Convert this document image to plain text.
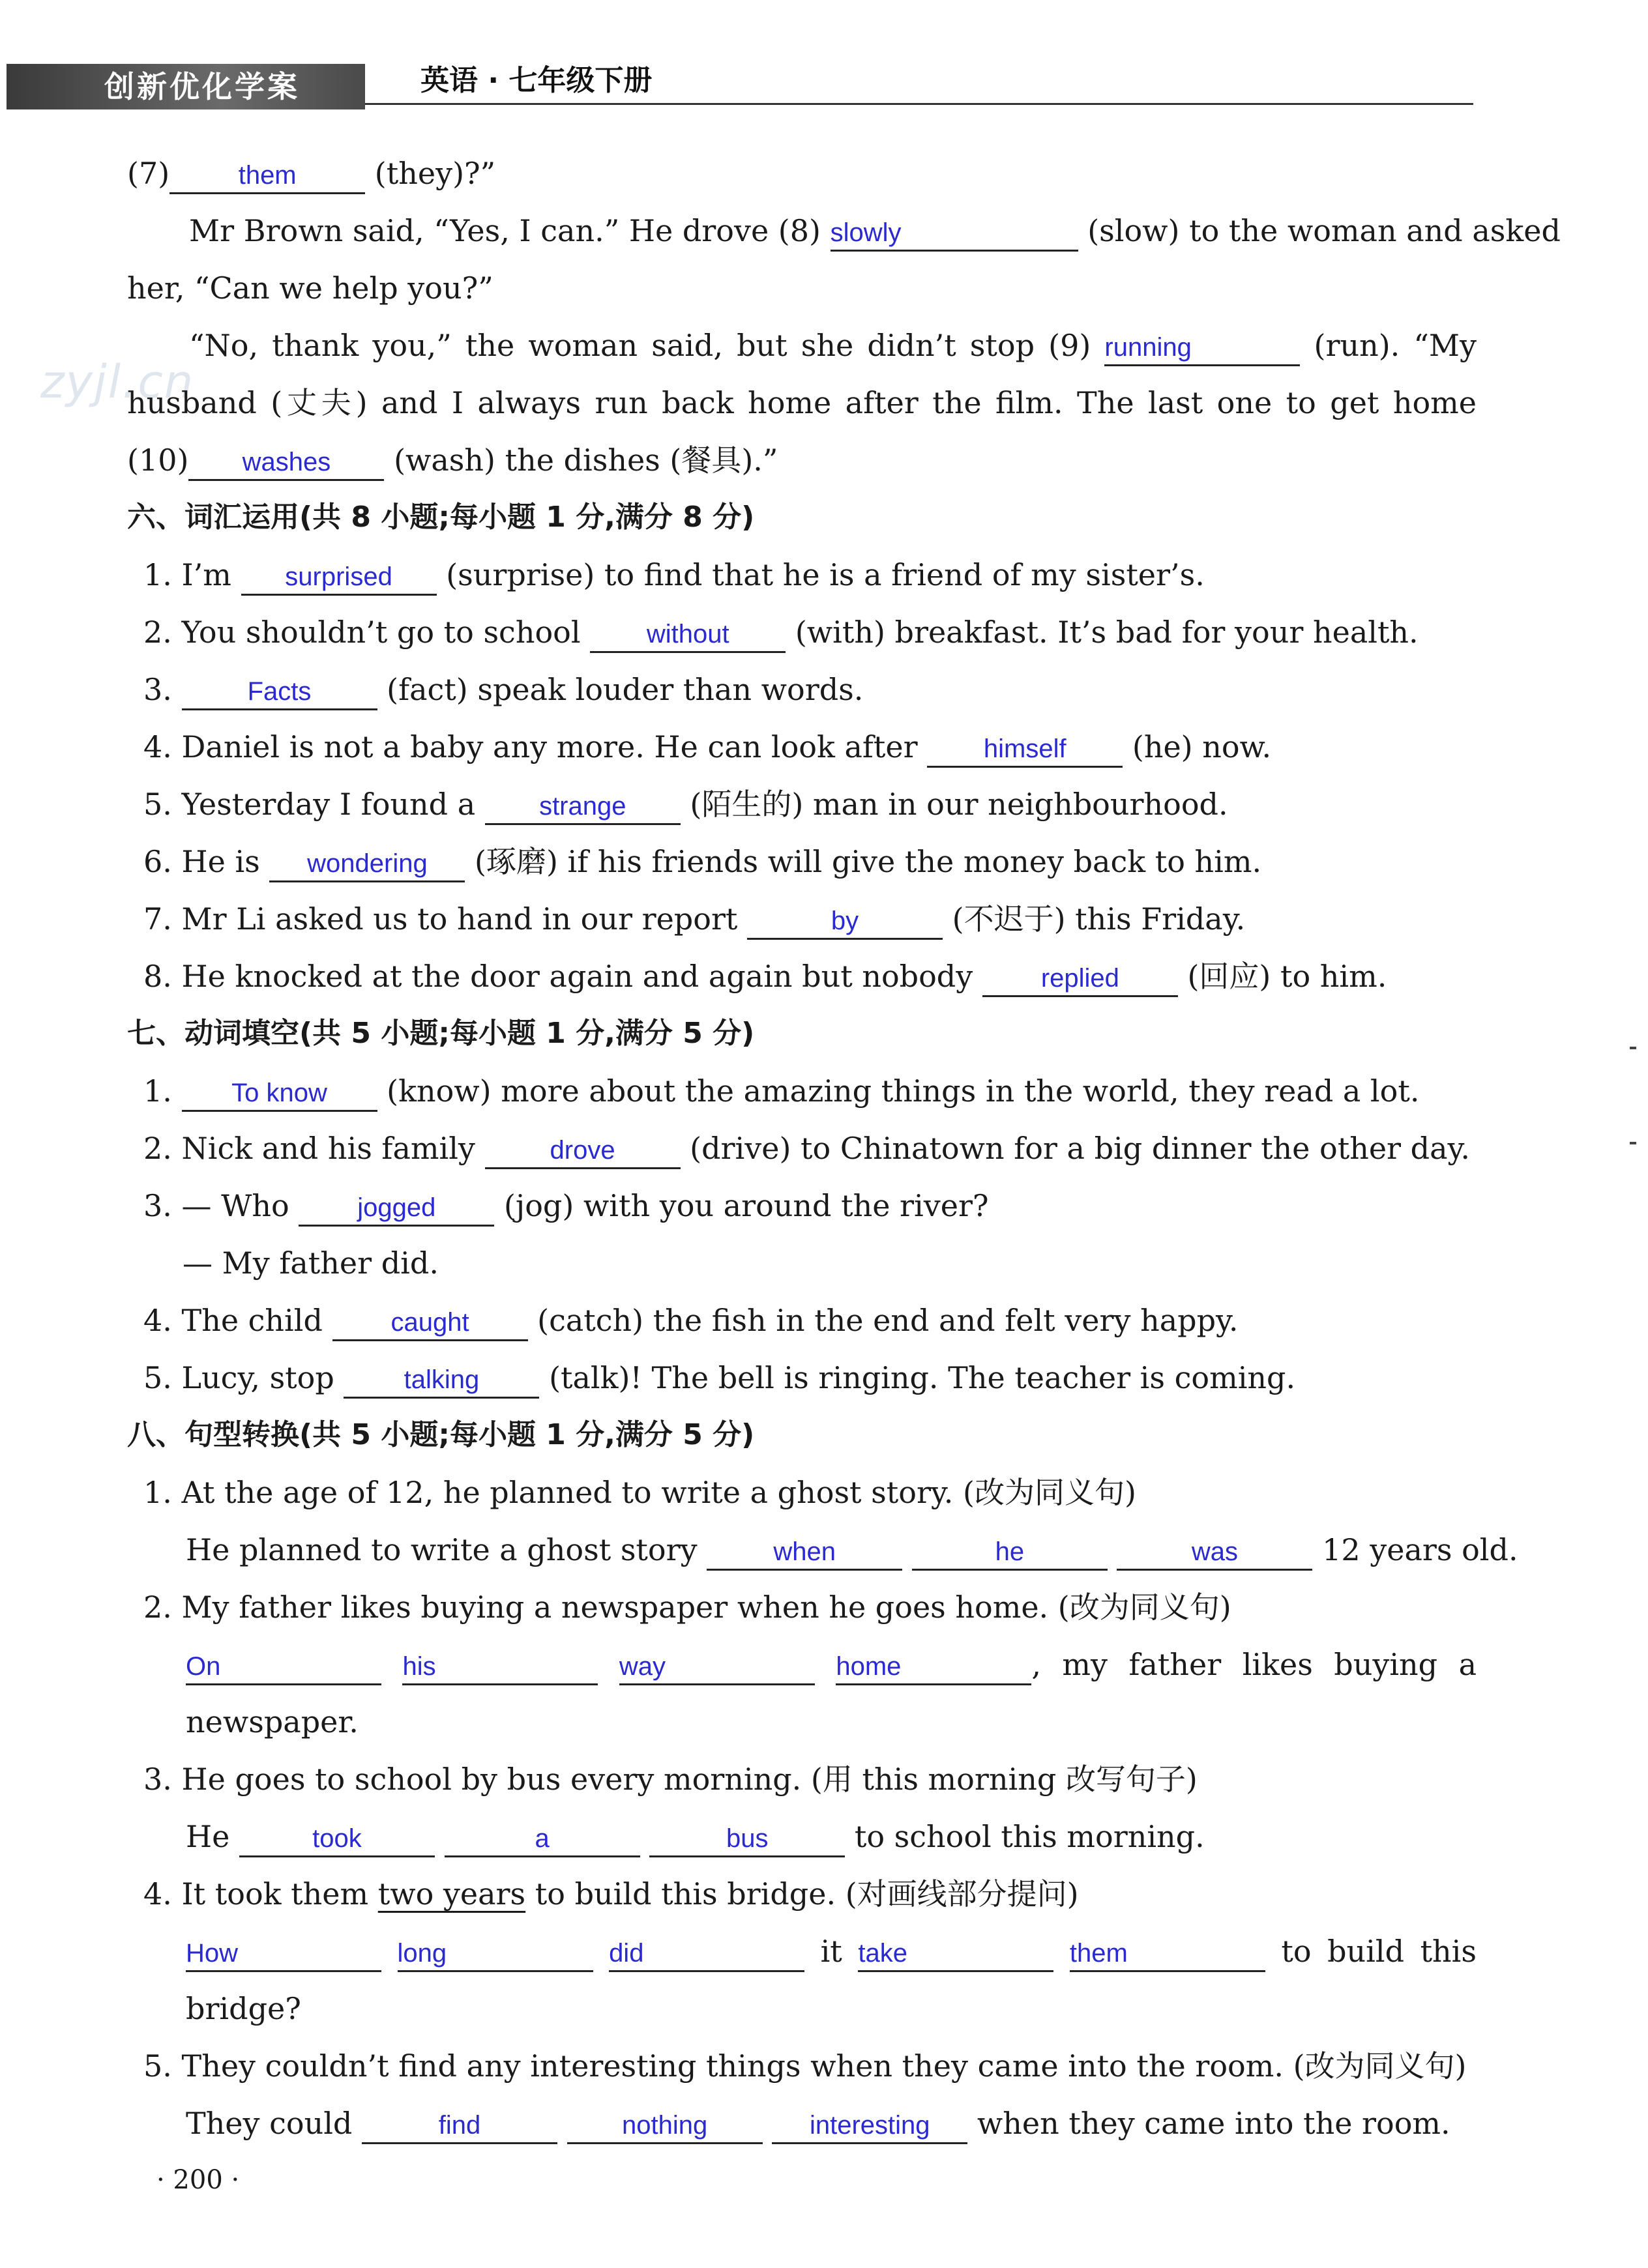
创新优化学案	英语 · 七年级下册
zyjl.cn
(7)	them	(they)?”
Mr Brown said, “Yes, I can.” He drove (8) slowly	(slow) to the woman and asked
her, “Can we help you?”
“No, thank you,” the woman said, but she didn’t stop (9) running	(run). “My
husband (丈夫) and I always run back home after the film. The last one to get home
(10) washes (wash) the dishes (餐具).”
六、词汇运用(共 8 小题;每小题 1 分,满分 8 分)
1. I’m surprised (surprise) to find that he is a friend of my sister’s.
2. You shouldn’t go to school	without (with) breakfast. It’s bad for your health.
3.	Facts	(fact) speak louder than words.
4. Daniel is not a baby any more. He can look after	himself (he) now.
5. Yesterday I found a strange (陌生的) man in our neighbourhood.
6. He is wondering (琢磨) if his friends will give the money back to him.
7. Mr Li asked us to hand in our report	by	(不迟于) this Friday.
8. He knocked at the door again and again but nobody	replied (回应) to him.
七、动词填空(共 5 小题;每小题 1 分,满分 5 分)
1. To know (know) more about the amazing things in the world, they read a lot.
2. Nick and his family	drove (drive) to Chinatown for a big dinner the other day.
3. — Who	jogged (jog) with you around the river?
— My father did.
4. The child	caught (catch) the fish in the end and felt very happy.
5. Lucy, stop	talking (talk)! The bell is ringing. The teacher is coming.
八、句型转换(共 5 小题;每小题 1 分,满分 5 分)
1. At the age of 12, he planned to write a ghost story. (改为同义句)
He planned to write a ghost story	when	he	was	12 years old.
2. My father likes buying a newspaper when he goes home. (改为同义句)
On	his	way	home	, my father likes buying a
newspaper.
3. He goes to school by bus every morning. (用 this morning 改写句子)
He	took	a	bus	to school this morning.
4. It took them two years to build this bridge. (对画线部分提问)
How	long	did	it take	them	to build this
bridge?
5. They couldn’t find any interesting things when they came into the room. (改为同义句)
They could	find	nothing	interesting when they came into the room.
· 200 ·
